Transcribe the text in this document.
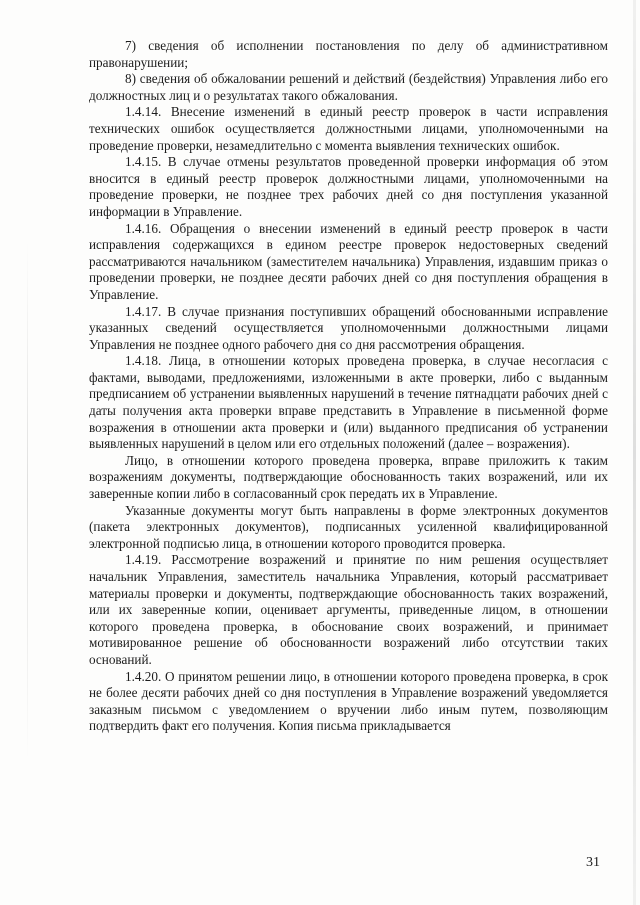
7) сведения об исполнении постановления по делу об административном правонарушении;

8) сведения об обжаловании решений и действий (бездействия) Управления либо его должностных лиц и о результатах такого обжалования.

1.4.14. Внесение изменений в единый реестр проверок в части исправления технических ошибок осуществляется должностными лицами, уполномоченными на проведение проверки, незамедлительно с момента выявления технических ошибок.

1.4.15. В случае отмены результатов проведенной проверки информация об этом вносится в единый реестр проверок должностными лицами, уполномоченными на проведение проверки, не позднее трех рабочих дней со дня поступления указанной информации в Управление.

1.4.16. Обращения о внесении изменений в единый реестр проверок в части исправления содержащихся в едином реестре проверок недостоверных сведений рассматриваются начальником (заместителем начальника) Управления, издавшим приказ о проведении проверки, не позднее десяти рабочих дней со дня поступления обращения в Управление.

1.4.17. В случае признания поступивших обращений обоснованными исправление указанных сведений осуществляется уполномоченными должностными лицами Управления не позднее одного рабочего дня со дня рассмотрения обращения.

1.4.18. Лица, в отношении которых проведена проверка, в случае несогласия с фактами, выводами, предложениями, изложенными в акте проверки, либо с выданным предписанием об устранении выявленных нарушений в течение пятнадцати рабочих дней с даты получения акта проверки вправе представить в Управление в письменной форме возражения в отношении акта проверки и (или) выданного предписания об устранении выявленных нарушений в целом или его отдельных положений (далее – возражения).

Лицо, в отношении которого проведена проверка, вправе приложить к таким возражениям документы, подтверждающие обоснованность таких возражений, или их заверенные копии либо в согласованный срок передать их в Управление.

Указанные документы могут быть направлены в форме электронных документов (пакета электронных документов), подписанных усиленной квалифицированной электронной подписью лица, в отношении которого проводится проверка.

1.4.19. Рассмотрение возражений и принятие по ним решения осуществляет начальник Управления, заместитель начальника Управления, который рассматривает материалы проверки и документы, подтверждающие обоснованность таких возражений, или их заверенные копии, оценивает аргументы, приведенные лицом, в отношении которого проведена проверка, в обоснование своих возражений, и принимает мотивированное решение об обоснованности возражений либо отсутствии таких оснований.

1.4.20. О принятом решении лицо, в отношении которого проведена проверка, в срок не более десяти рабочих дней со дня поступления в Управление возражений уведомляется заказным письмом с уведомлением о вручении либо иным путем, позволяющим подтвердить факт его получения. Копия письма прикладывается

31
